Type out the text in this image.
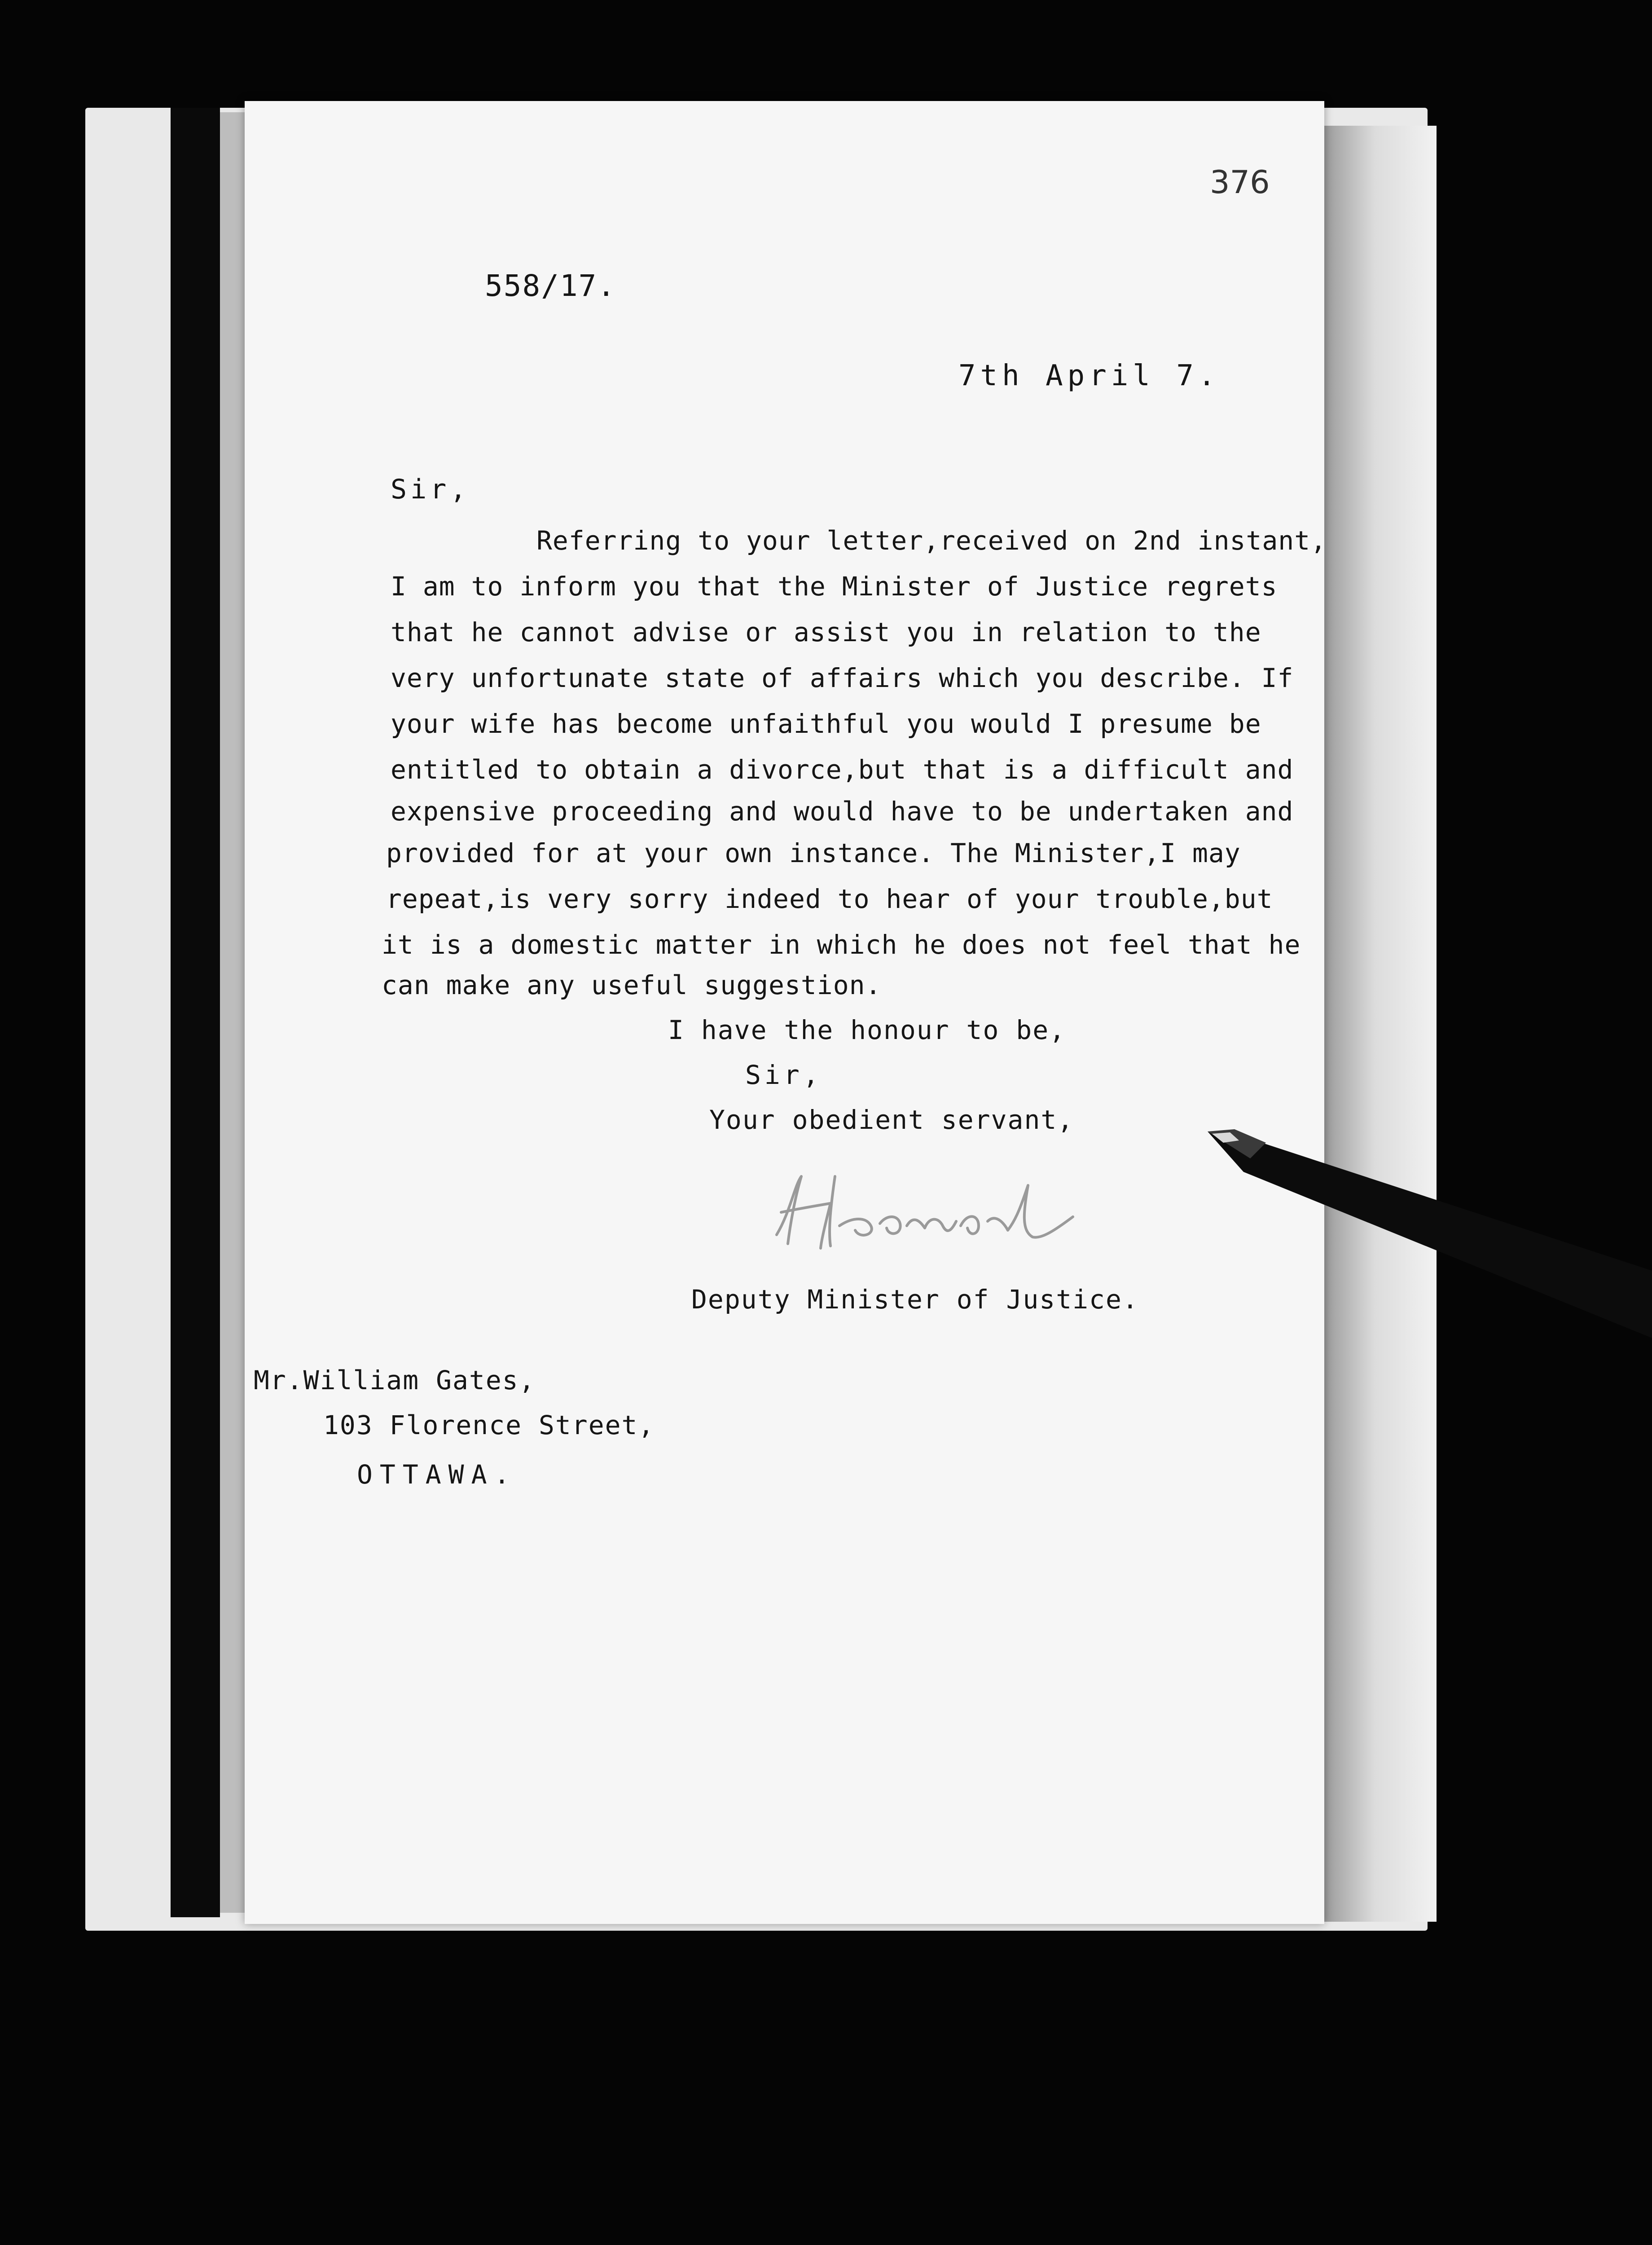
376
558/17.
7th April 7.
Sir,
Referring to your letter,received on 2nd instant,
I am to inform you that the Minister of Justice regrets
that he cannot advise or assist you in relation to the
very unfortunate state of affairs which you describe. If
your wife has become unfaithful you would I presume be
entitled to obtain a divorce,but that is a difficult and
expensive proceeding and would have to be undertaken and
provided for at your own instance. The Minister,I may
repeat,is very sorry indeed to hear of your trouble,but
it is a domestic matter in which he does not feel that he
can make any useful suggestion.
I have the honour to be,
Sir,
Your obedient servant,
Deputy Minister of Justice.
Mr.William Gates,
103 Florence Street,
OTTAWA.
